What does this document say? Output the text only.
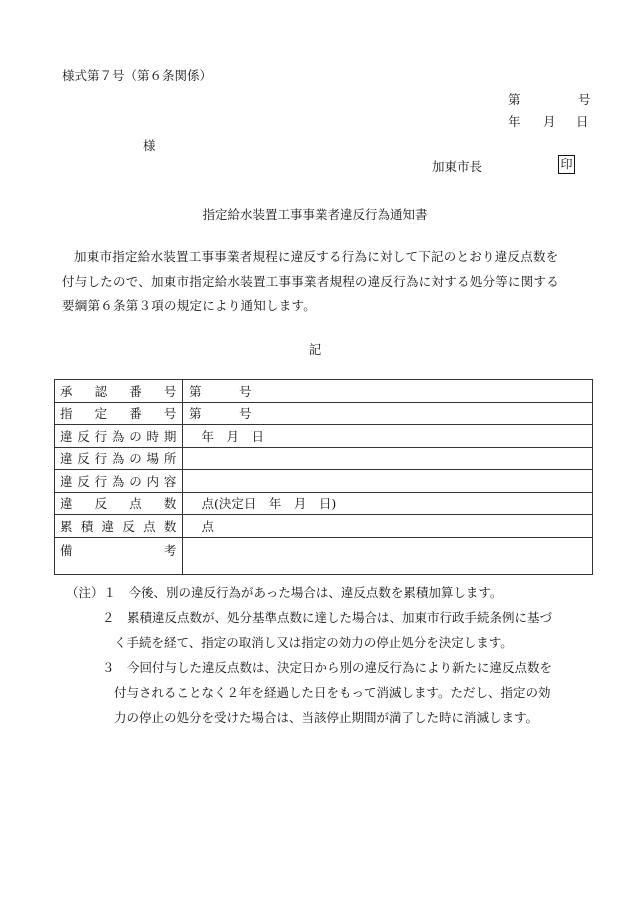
様式第７号（第６条関係）
第	号
年 月 日
様
加東市長	印
指定給水装置工事事業者違反行為通知書
加東市指定給水装置工事事業者規程に違反する行為に対して下記のとおり違反点数を
付与したので、加東市指定給水装置工事事業者規程の違反行為に対する処分等に関する
要綱第６条第３項の規定により通知します。
記
承認番号	第　　　号
指定番号	第　　　号
違反行為の時期	　年　月　日
違反行為の場所	
違反行為の内容	
違反点数	　点(決定日　年　月　日)
累積違反点数	　点
備考	
（注）１　今後、別の違反行為があった場合は、違反点数を累積加算します。
２　累積違反点数が、処分基準点数に達した場合は、加東市行政手続条例に基づ
く手続を経て、指定の取消し又は指定の効力の停止処分を決定します。
３　今回付与した違反点数は、決定日から別の違反行為により新たに違反点数を
付与されることなく２年を経過した日をもって消滅します。ただし、指定の効
力の停止の処分を受けた場合は、当該停止期間が満了した時に消滅します。
